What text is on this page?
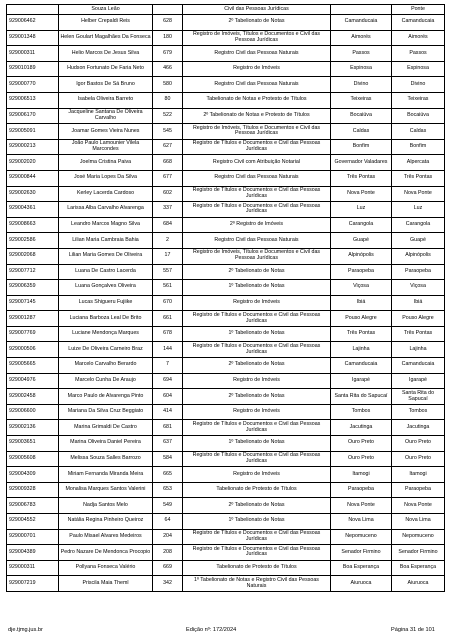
	Souza Leão		Civil das Pessoas Jurídicas		Ponte
929006462	Helber Crepaldi Reis	628	2º Tabelionato de Notas	Camanducaia	Camanducaia
929001348	Helen Goulart Magalhães Da Fonseca	180	Registro de Imóveis, Títulos e Documentos e Civil das Pessoas Jurídicas	Aimorés	Aimorés
929000311	Helio Marcos De Jesus Silva	679	Registro Civil das Pessoas Naturais	Passos	Passos
929010189	Hudson Fortunato De Faria Neto	466	Registro de Imóveis	Espinosa	Espinosa
929000770	Igor Bastos De Sá Bruno	580	Registro Civil das Pessoas Naturais	Divino	Divino
929006513	Isabela Oliveira Barreto	80	Tabelionato de Notas e Protesto de Títulos	Teixeiras	Teixeiras
929006170	Jacqueline Santana De Oliveira Carvalho	522	2º Tabelionato de Notas e Protesto de Títulos	Bocaiúva	Bocaiúva
929005091	Joamar Gomes Vieira Nunes	545	Registro de Imóveis, Títulos e Documentos e Civil das Pessoas Jurídicas	Caldas	Caldas
929000213	João Paulo Lamounier Vilela Marcondes	627	Registro de Títulos e Documentos e Civil das Pessoas Jurídicas	Bonfim	Bonfim
929002020	Joelma Cristina Paiva	668	Registro Civil com Atribuição Notarial	Governador Valadares	Alpercata
929000844	José Maria Lopes Da Silva	677	Registro Civil das Pessoas Naturais	Três Pontas	Três Pontas
929002630	Kerley Lacerda Cardoso	602	Registro de Títulos e Documentos e Civil das Pessoas Jurídicas	Nova Ponte	Nova Ponte
929004361	Larissa Alba Carvalho Alvarenga	337	Registro de Títulos e Documentos e Civil das Pessoas Jurídicas	Luz	Luz
929008663	Leandro Marcos Magno Silva	684	2º Registro de Imóveis	Carangola	Carangola
929002586	Lilian Maria Cambraia Bahia	2	Registro Civil das Pessoas Naturais	Guapé	Guapé
929002068	Lilian Maria Gomes De Oliveira	17	Registro de Imóveis, Títulos e Documentos e Civil das Pessoas Jurídicas	Alpinópolis	Alpinópolis
929007712	Luana De Castro Lacerda	557	2º Tabelionato de Notas	Paraopeba	Paraopeba
929006359	Luana Gonçalves Oliveira	561	1º Tabelionato de Notas	Viçosa	Viçosa
929007145	Lucas Shigueru Fujiike	670	Registro de Imóveis	Ibiá	Ibiá
929001287	Luciana Barboza Leal De Brito	661	Registro de Títulos e Documentos e Civil das Pessoas Jurídicas	Pouso Alegre	Pouso Alegre
929007769	Luciane Mendonça Marques	678	1º Tabelionato de Notas	Três Pontas	Três Pontas
929000506	Luize De Oliveira Carneiro Braz	144	Registro de Títulos e Documentos e Civil das Pessoas Jurídicas	Lajinha	Lajinha
929005665	Marcelo Carvalho Berardo	7	2º Tabelionato de Notas	Camanducaia	Camanducaia
929004976	Marcelo Cunha De Araujo	694	Registro de Imóveis	Igarapé	Igarapé
929002458	Marco Paulo de Alvarenga Pinto	604	2º Tabelionato de Notas	Santa Rita do Sapucaí	Santa Rita do Sapucaí
929006600	Mariana Da Silva Cruz Beggiato	414	Registro de Imóveis	Tombos	Tombos
929002136	Marina Grimaldi De Castro	681	Registro de Títulos e Documentos e Civil das Pessoas Jurídicas	Jacutinga	Jacutinga
929003651	Marina Oliveira Daniel Pereira	637	1º Tabelionato de Notas	Ouro Preto	Ouro Preto
929005608	Melissa Souza Salles Barrozo	584	Registro de Títulos e Documentos e Civil das Pessoas Jurídicas	Ouro Preto	Ouro Preto
929004309	Miriam Fernanda Miranda Meira	665	Registro de Imóveis	Itamogi	Itamogi
929009328	Monalisa Marques Santos Valerini	653	Tabelionato de Protesto de Títulos	Paraopeba	Paraopeba
929006783	Nadja Santos Melo	549	2º Tabelionato de Notas	Nova Ponte	Nova Ponte
929004552	Natália Regina Pinheiro Queiroz	64	1º Tabelionato de Notas	Nova Lima	Nova Lima
929000701	Paulo Misael Alvares Medeiros	204	Registro de Títulos e Documentos e Civil das Pessoas Jurídicas	Nepomuceno	Nepomuceno
929004389	Pedro Nazare De Mendonca Procopio	208	Registro de Títulos e Documentos e Civil das Pessoas Jurídicas	Senador Firmino	Senador Firmino
929000311	Pollyana Fonseca Valério	669	Tabelionato de Protesto de Títulos	Boa Esperança	Boa Esperança
929007219	Priscila Maia Theml	342	1º Tabelionato de Notas e Registro Civil das Pessoas Naturais	Aiuruoca	Aiuruoca
dje.tjmg.jus.br	Edição nº: 172/2024	Página 31 de 101
